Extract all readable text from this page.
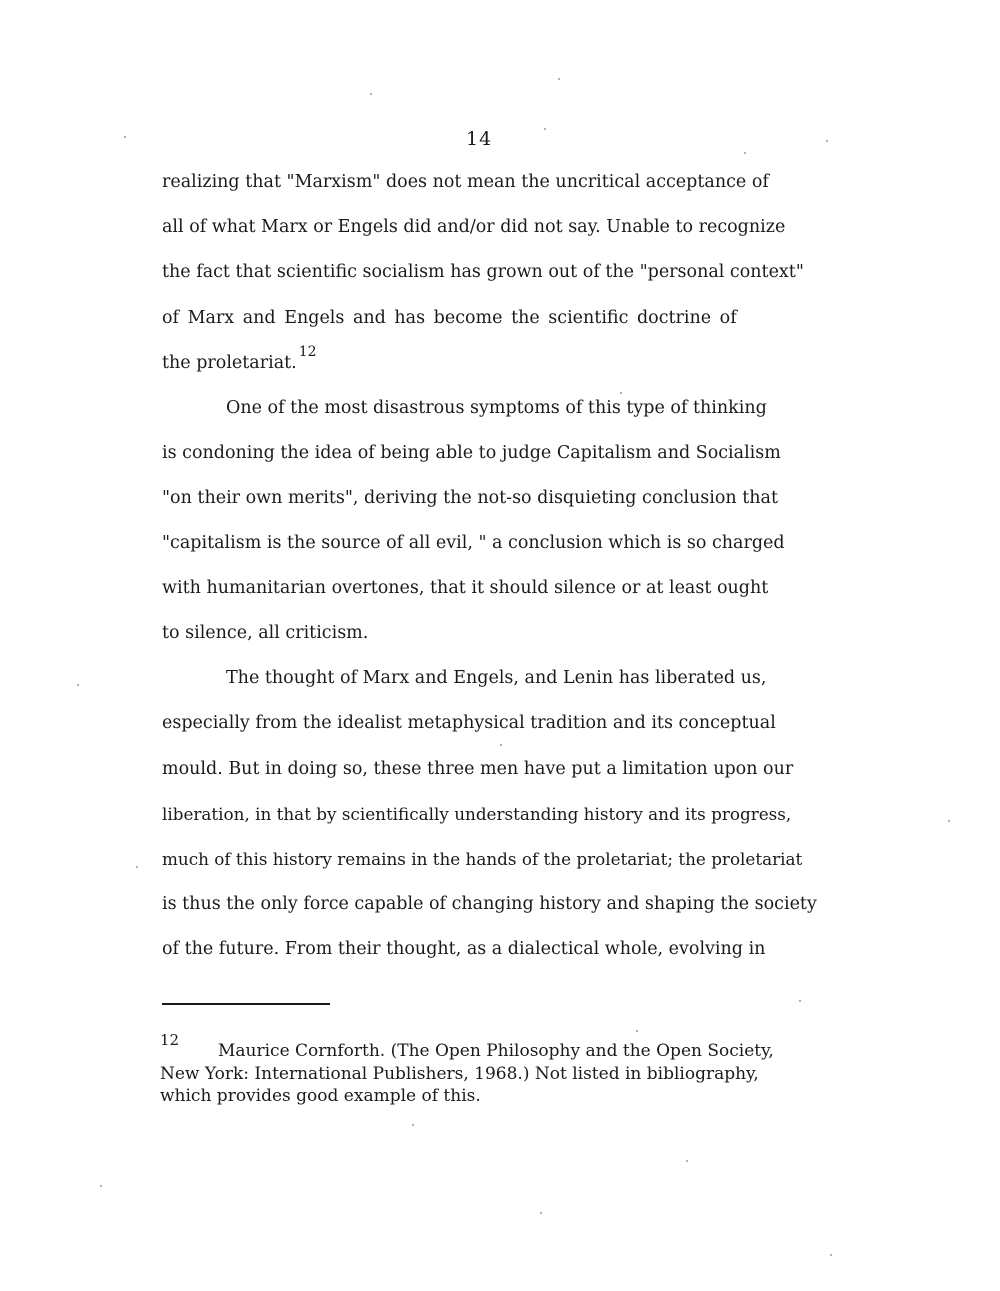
14
realizing that "Marxism" does not mean the uncritical acceptance of
all of what Marx or Engels did and/or did not say. Unable to recognize
the fact that scientific socialism has grown out of the "personal context"
of Marx and Engels and has become the scientific doctrine of
the proletariat.$^{12}$
One of the most disastrous symptoms of this type of thinking
is condoning the idea of being able to judge Capitalism and Socialism
"on their own merits", deriving the not-so disquieting conclusion that
"capitalism is the source of all evil, " a conclusion which is so charged
with humanitarian overtones, that it should silence or at least ought
to silence, all criticism.
The thought of Marx and Engels, and Lenin has liberated us,
especially from the idealist metaphysical tradition and its conceptual
mould. But in doing so, these three men have put a limitation upon our
liberation, in that by scientifically understanding history and its progress,
much of this history remains in the hands of the proletariat; the proletariat
is thus the only force capable of changing history and shaping the society
of the future. From their thought, as a dialectical whole, evolving in
12
Maurice Cornforth. (The Open Philosophy and the Open Society,
New York: International Publishers, 1968.) Not listed in bibliography,
which provides good example of this.
